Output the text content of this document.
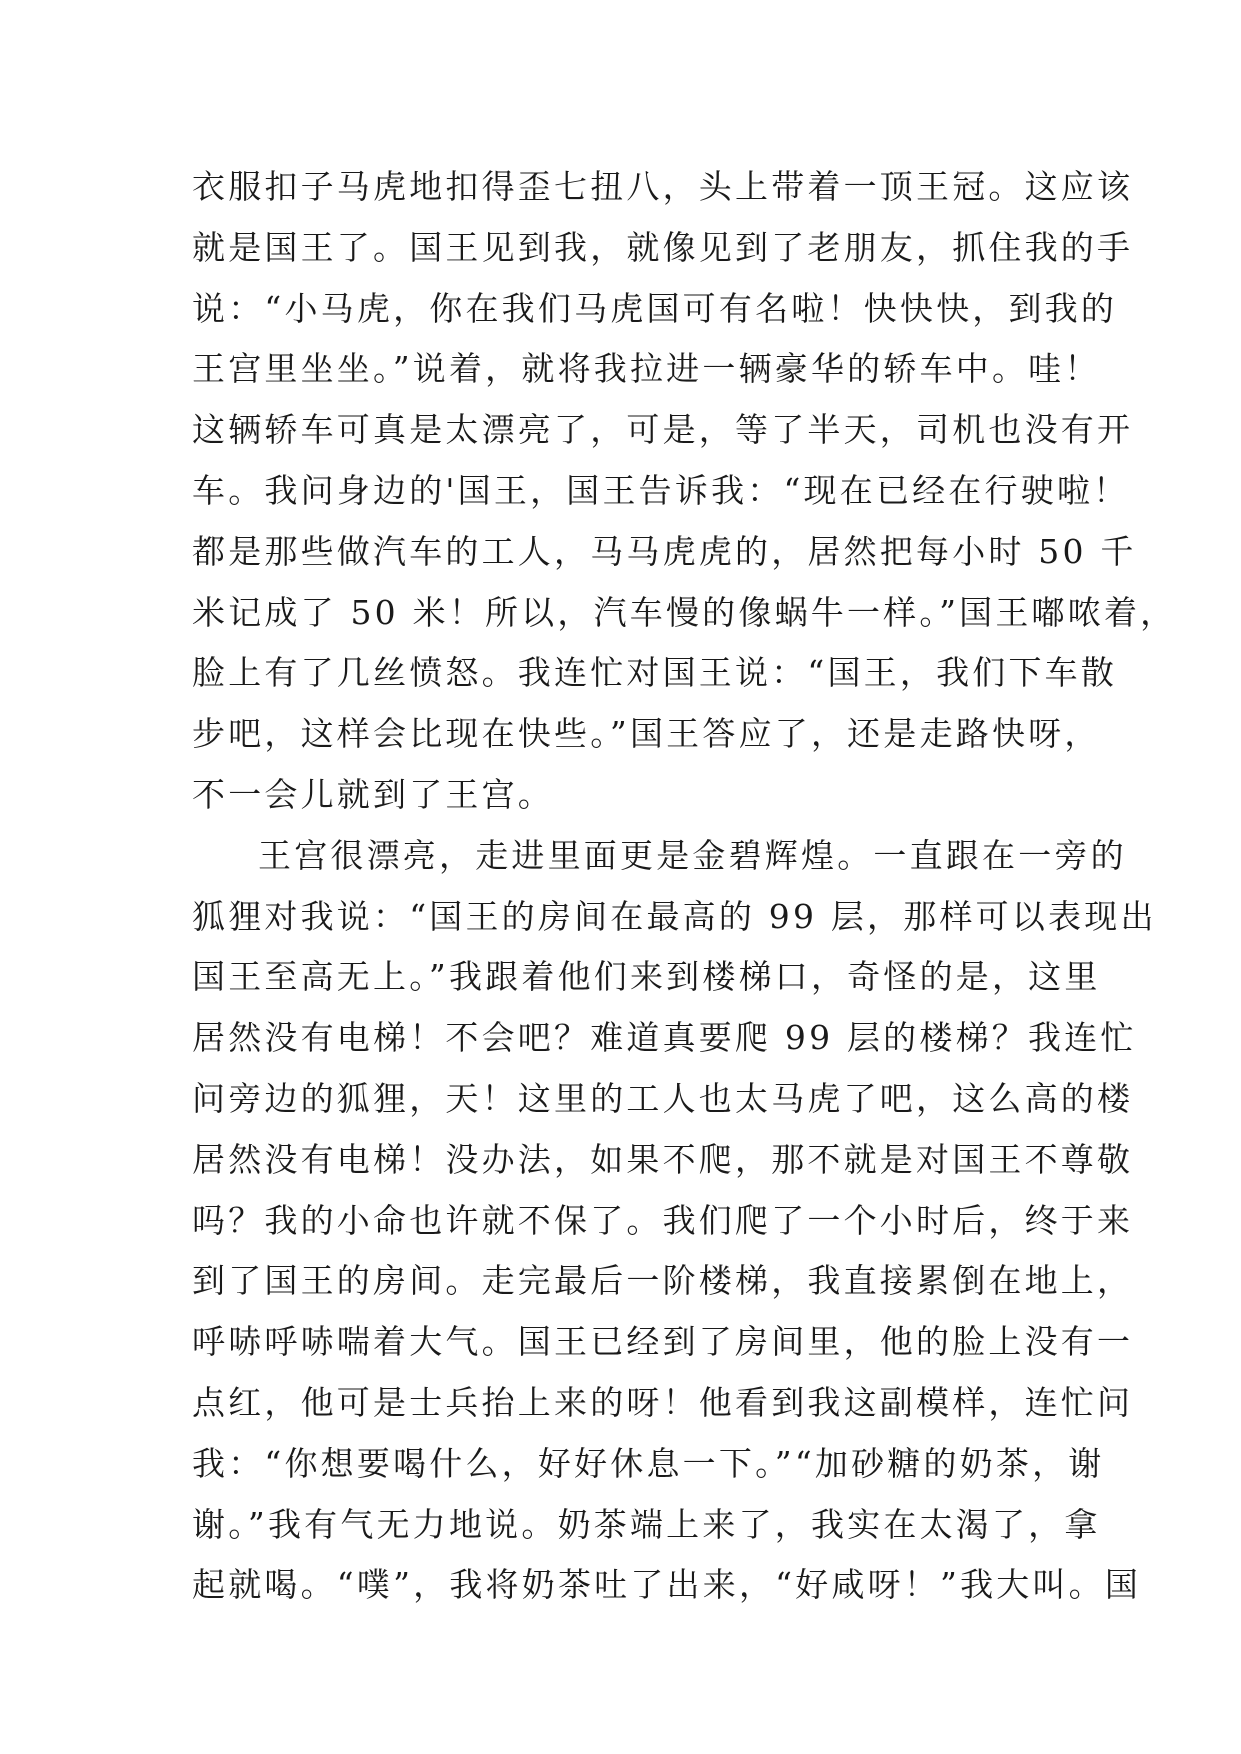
衣服扣子马虎地扣得歪七扭八，头上带着一顶王冠。这应该
就是国王了。国王见到我，就像见到了老朋友，抓住我的手
说：“小马虎，你在我们马虎国可有名啦！快快快，到我的
王宫里坐坐。”说着，就将我拉进一辆豪华的轿车中。哇！
这辆轿车可真是太漂亮了，可是，等了半天，司机也没有开
车。我问身边的'国王，国王告诉我：“现在已经在行驶啦！
都是那些做汽车的工人，马马虎虎的，居然把每小时 50 千
米记成了 50 米！所以，汽车慢的像蜗牛一样。”国王嘟哝着，
脸上有了几丝愤怒。我连忙对国王说：“国王，我们下车散
步吧，这样会比现在快些。”国王答应了，还是走路快呀，
不一会儿就到了王宫。
王宫很漂亮，走进里面更是金碧辉煌。一直跟在一旁的
狐狸对我说：“国王的房间在最高的 99 层，那样可以表现出
国王至高无上。”我跟着他们来到楼梯口，奇怪的是，这里
居然没有电梯！不会吧？难道真要爬 99 层的楼梯？我连忙
问旁边的狐狸，天！这里的工人也太马虎了吧，这么高的楼
居然没有电梯！没办法，如果不爬，那不就是对国王不尊敬
吗？我的小命也许就不保了。我们爬了一个小时后，终于来
到了国王的房间。走完最后一阶楼梯，我直接累倒在地上，
呼哧呼哧喘着大气。国王已经到了房间里，他的脸上没有一
点红，他可是士兵抬上来的呀！他看到我这副模样，连忙问
我：“你想要喝什么，好好休息一下。”“加砂糖的奶茶，谢
谢。”我有气无力地说。奶茶端上来了，我实在太渴了，拿
起就喝。“噗”，我将奶茶吐了出来，“好咸呀！”我大叫。国
